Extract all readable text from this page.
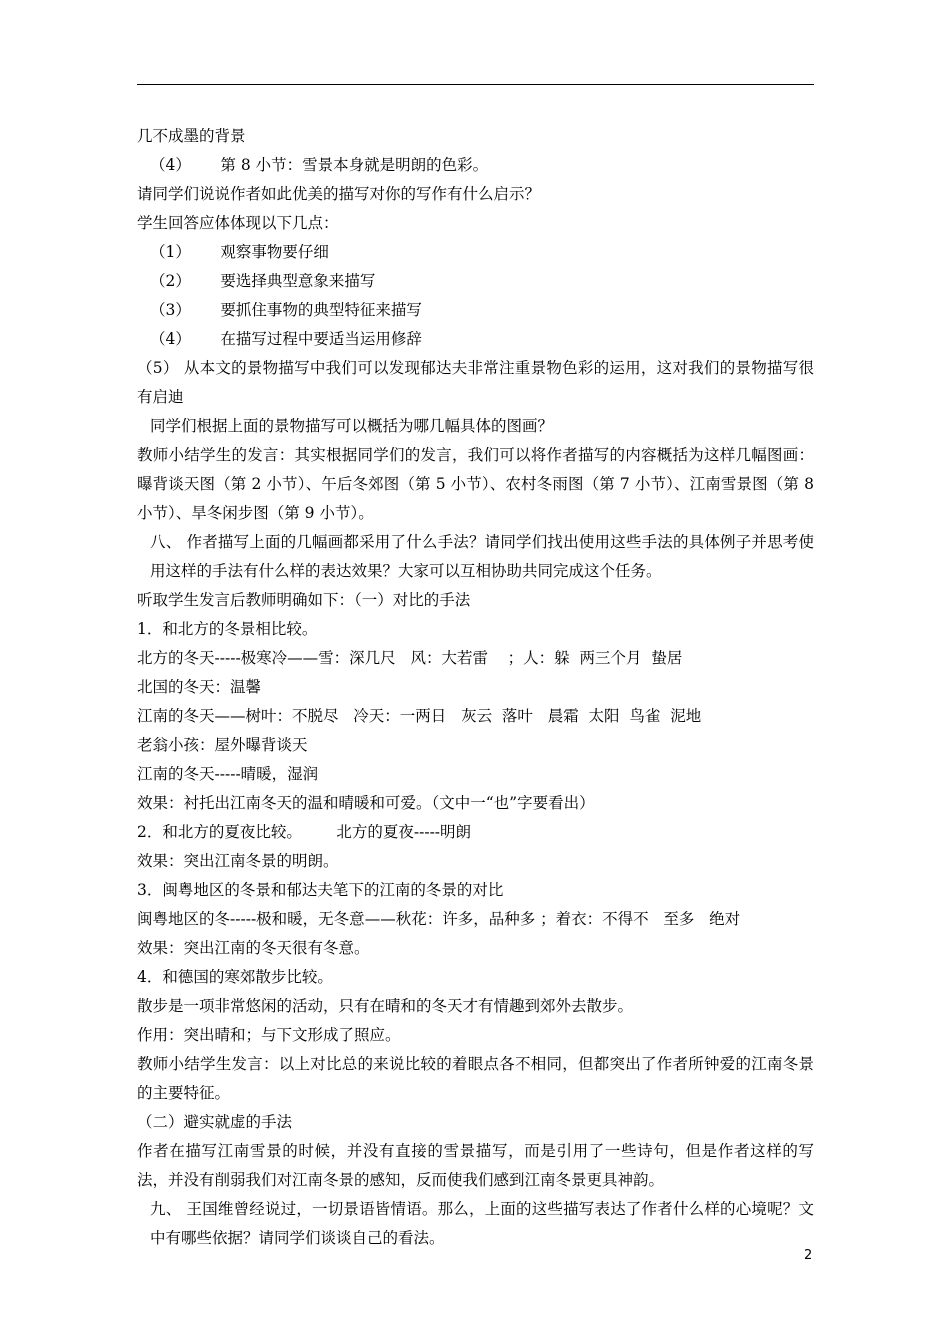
几不成墨的背景

（4）      第 8 小节：雪景本身就是明朗的色彩。

请同学们说说作者如此优美的描写对你的写作有什么启示？

学生回答应体体现以下几点：

（1）      观察事物要仔细

（2）      要选择典型意象来描写

（3）      要抓住事物的典型特征来描写

（4）      在描写过程中要适当运用修辞

（5） 从本文的景物描写中我们可以发现郁达夫非常注重景物色彩的运用，这对我们的景物描写很有启迪

同学们根据上面的景物描写可以概括为哪几幅具体的图画？

教师小结学生的发言：其实根据同学们的发言，我们可以将作者描写的内容概括为这样几幅图画：曝背谈天图（第 2 小节）、午后冬郊图（第 5 小节）、农村冬雨图（第 7 小节）、江南雪景图（第 8 小节）、旱冬闲步图（第 9 小节）。

八、 作者描写上面的几幅画都采用了什么手法？请同学们找出使用这些手法的具体例子并思考使用这样的手法有什么样的表达效果？大家可以互相协助共同完成这个任务。

听取学生发言后教师明确如下：（一）对比的手法

1．和北方的冬景相比较。

北方的冬天-----极寒冷——雪：深几尺   风：大若雷    ；人：躲  两三个月  蛰居

北国的冬天：温馨

江南的冬天——树叶：不脱尽   冷天：一两日   灰云  落叶   晨霜  太阳  鸟雀  泥地

老翁小孩：屋外曝背谈天

江南的冬天-----晴暖，湿润

效果：衬托出江南冬天的温和晴暖和可爱。（文中一“也”字要看出）

2．和北方的夏夜比较。       北方的夏夜-----明朗

效果：突出江南冬景的明朗。

3．闽粤地区的冬景和郁达夫笔下的江南的冬景的对比

闽粤地区的冬-----极和暖，无冬意——秋花：许多，品种多 ；着衣：不得不   至多   绝对

效果：突出江南的冬天很有冬意。

4．和德国的寒郊散步比较。

散步是一项非常悠闲的活动，只有在晴和的冬天才有情趣到郊外去散步。

作用：突出晴和；与下文形成了照应。

教师小结学生发言：以上对比总的来说比较的着眼点各不相同，但都突出了作者所钟爱的江南冬景的主要特征。

（二）避实就虚的手法

作者在描写江南雪景的时候，并没有直接的雪景描写，而是引用了一些诗句，但是作者这样的写法，并没有削弱我们对江南冬景的感知，反而使我们感到江南冬景更具神韵。

九、 王国维曾经说过，一切景语皆情语。那么，上面的这些描写表达了作者什么样的心境呢？文中有哪些依据？请同学们谈谈自己的看法。

2
